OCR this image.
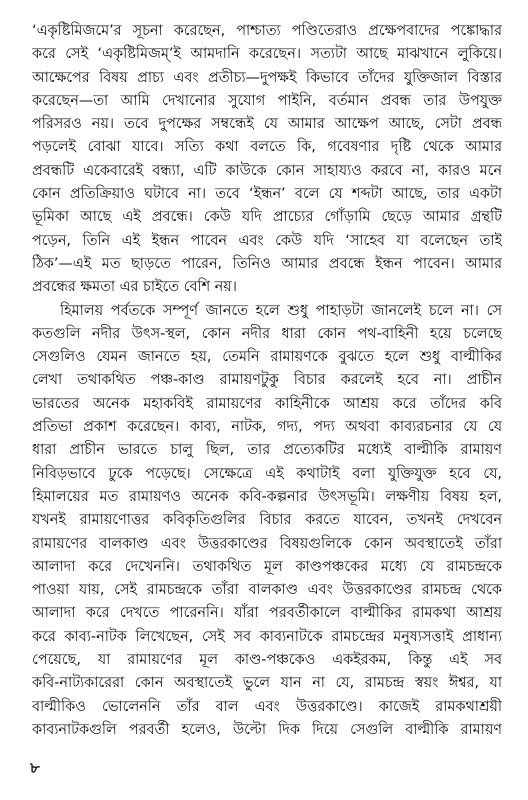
‘একৃষ্টিমিজমে’র সূচনা করেছেন, পাশ্চাত্য পণ্ডিতেরাও প্রক্ষেপবাদের পঙ্কোদ্ধার
করে সেই ‘একৃষ্টিমিজম্’ই আমদানি করেছেন। সত্যটা আছে মাঝখানে লুকিয়ে।
আক্ষেপের বিষয় প্রাচ্য এবং প্রতীচ্য—দুপক্ষই কিভাবে তাঁদের যুক্তিজাল বিস্তার
করেছেন—তা আমি দেখানোর সুযোগ পাইনি, বর্তমান প্রবন্ধ তার উপযুক্ত
পরিসরও নয়। তবে দুপক্ষের সম্বন্ধেই যে আমার আক্ষেপ আছে, সেটা প্রবন্ধ
পড়লেই বোঝা যাবে। সত্যি কথা বলতে কি, গবেষণার দৃষ্টি থেকে আমার
প্রবন্ধটি একেবারেই বন্ধ্যা, এটি কাউকে কোন সাহায্যও করবে না, কারও মনে
কোন প্রতিক্রিয়াও ঘটাবে না। তবে ‘ইন্ধন’ বলে যে শব্দটা আছে, তার একটা
ভূমিকা আছে এই প্রবন্ধে। কেউ যদি প্রাচ্যের গোঁড়ামি ছেড়ে আমার গ্রন্থটি
পড়েন, তিনি এই ইন্ধন পাবেন এবং কেউ যদি ‘সাহেব যা বলেছেন তাই
ঠিক’—এই মত ছাড়তে পারেন, তিনিও আমার প্রবন্ধে ইন্ধন পাবেন। আমার
প্রবন্ধের ক্ষমতা এর চাইতে বেশি নয়।
হিমালয় পর্বতকে সম্পূর্ণ জানতে হলে শুধু পাহাড়টা জানলেই চলে না। সে
কতগুলি নদীর উৎস-স্থল, কোন নদীর ধারা কোন পথ-বাহিনী হয়ে চলেছে
সেগুলিও যেমন জানতে হয়, তেমনি রামায়ণকে বুঝতে হলে শুধু বাল্মীকির
লেখা তথাকথিত পঞ্চ-কাণ্ড রামায়ণটুকু বিচার করলেই হবে না। প্রাচীন
ভারতের অনেক মহাকবিই রামায়ণের কাহিনীকে আশ্রয় করে তাঁদের কবি
প্রতিভা প্রকাশ করেছেন। কাব্য, নাটক, গদ্য, পদ্য অথবা কাব্যরচনার যে যে
ধারা প্রাচীন ভারতে চালু ছিল, তার প্রত্যেকটির মধ্যেই বাল্মীকি রামায়ণ
নিবিড়ভাবে ঢুকে পড়েছে। সেক্ষেত্রে এই কথাটাই বলা যুক্তিযুক্ত হবে যে,
হিমালয়ের মত রামায়ণও অনেক কবি-কল্পনার উৎসভূমি। লক্ষণীয় বিষয় হল,
যখনই রামায়ণোত্তর কবিকৃতিগুলির বিচার করতে যাবেন, তখনই দেখবেন
রামায়ণের বালকাণ্ড এবং উত্তরকাণ্ডের বিষয়গুলিকে কোন অবস্থাতেই তাঁরা
আলাদা করে দেখেননি। তথাকথিত মূল কাণ্ডপঞ্চকের মধ্যে যে রামচন্দ্রকে
পাওয়া যায়, সেই রামচন্দ্রকে তাঁরা বালকাণ্ড এবং উত্তরকাণ্ডের রামচন্দ্র থেকে
আলাদা করে দেখতে পারেননি। যাঁরা পরবর্তীকালে বাল্মীকির রামকথা আশ্রয়
করে কাব্য-নাটক লিখেছেন, সেই সব কাব্যনাটকে রামচন্দ্রের মনুষ্যসত্তাই প্রাধান্য
পেয়েছে, যা রামায়ণের মূল কাণ্ড-পঞ্চকেও একইরকম, কিন্তু এই সব
কবি-নাট্যকারেরা কোন অবস্থাতেই ভুলে যান না যে, রামচন্দ্র স্বয়ং ঈশ্বর, যা
বাল্মীকিও ভোলেননি তাঁর বাল এবং উত্তরকাণ্ডে। কাজেই রামকথাশ্রয়ী
কাব্যনাটকগুলি পরবর্তী হলেও, উল্টো দিক দিয়ে সেগুলি বাল্মীকি রামায়ণ
৮
